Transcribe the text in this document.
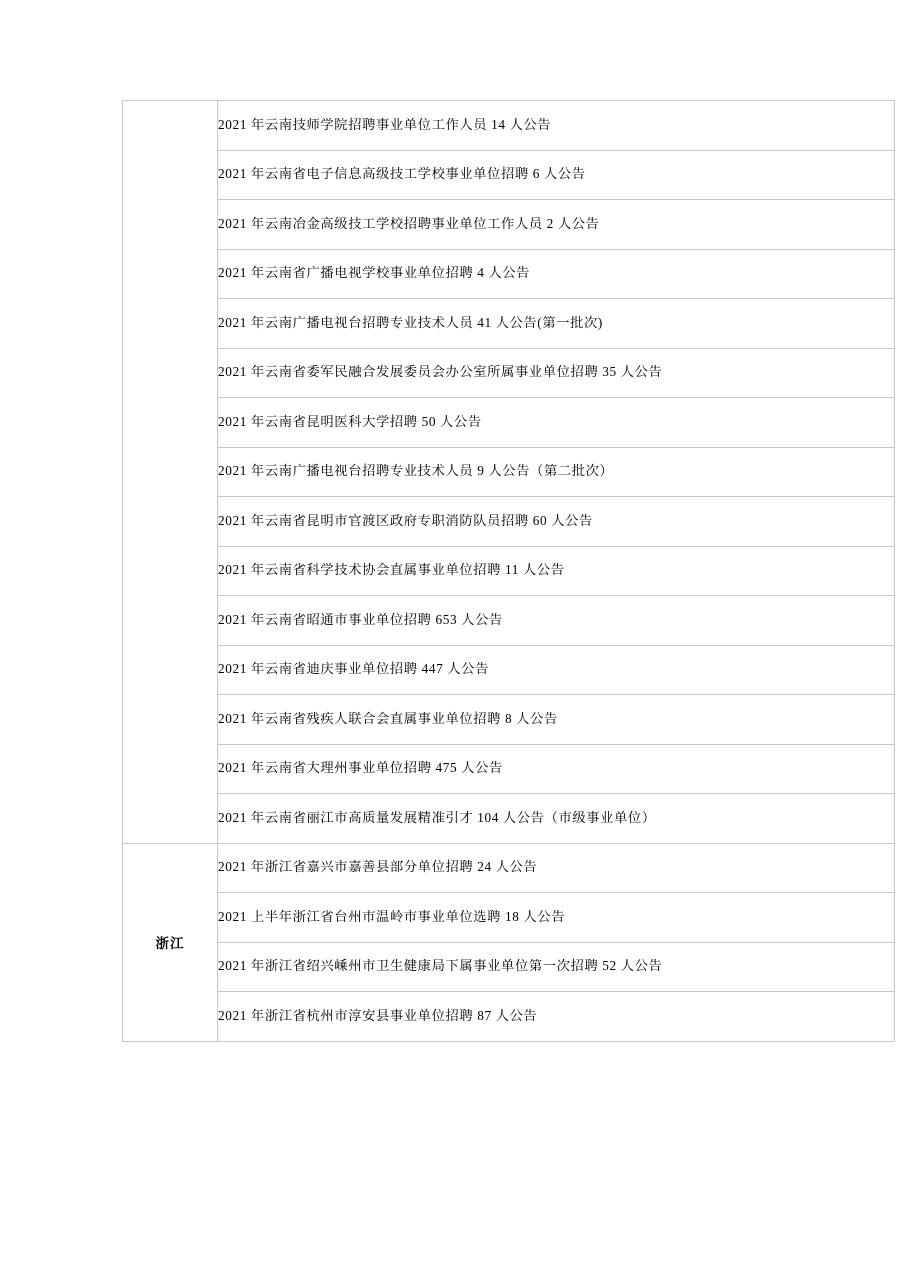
	2021 年云南技师学院招聘事业单位工作人员 14 人公告
	2021 年云南省电子信息高级技工学校事业单位招聘 6 人公告
	2021 年云南冶金高级技工学校招聘事业单位工作人员 2 人公告
	2021 年云南省广播电视学校事业单位招聘 4 人公告
	2021 年云南广播电视台招聘专业技术人员 41 人公告(第一批次)
	2021 年云南省委军民融合发展委员会办公室所属事业单位招聘 35 人公告
	2021 年云南省昆明医科大学招聘 50 人公告
	2021 年云南广播电视台招聘专业技术人员 9 人公告（第二批次）
	2021 年云南省昆明市官渡区政府专职消防队员招聘 60 人公告
	2021 年云南省科学技术协会直属事业单位招聘 11 人公告
	2021 年云南省昭通市事业单位招聘 653 人公告
	2021 年云南省迪庆事业单位招聘 447 人公告
	2021 年云南省残疾人联合会直属事业单位招聘 8 人公告
	2021 年云南省大理州事业单位招聘 475 人公告
	2021 年云南省丽江市高质量发展精准引才 104 人公告（市级事业单位）
浙江	2021 年浙江省嘉兴市嘉善县部分单位招聘 24 人公告
	2021 上半年浙江省台州市温岭市事业单位选聘 18 人公告
	2021 年浙江省绍兴嵊州市卫生健康局下属事业单位第一次招聘 52 人公告
	2021 年浙江省杭州市淳安县事业单位招聘 87 人公告
